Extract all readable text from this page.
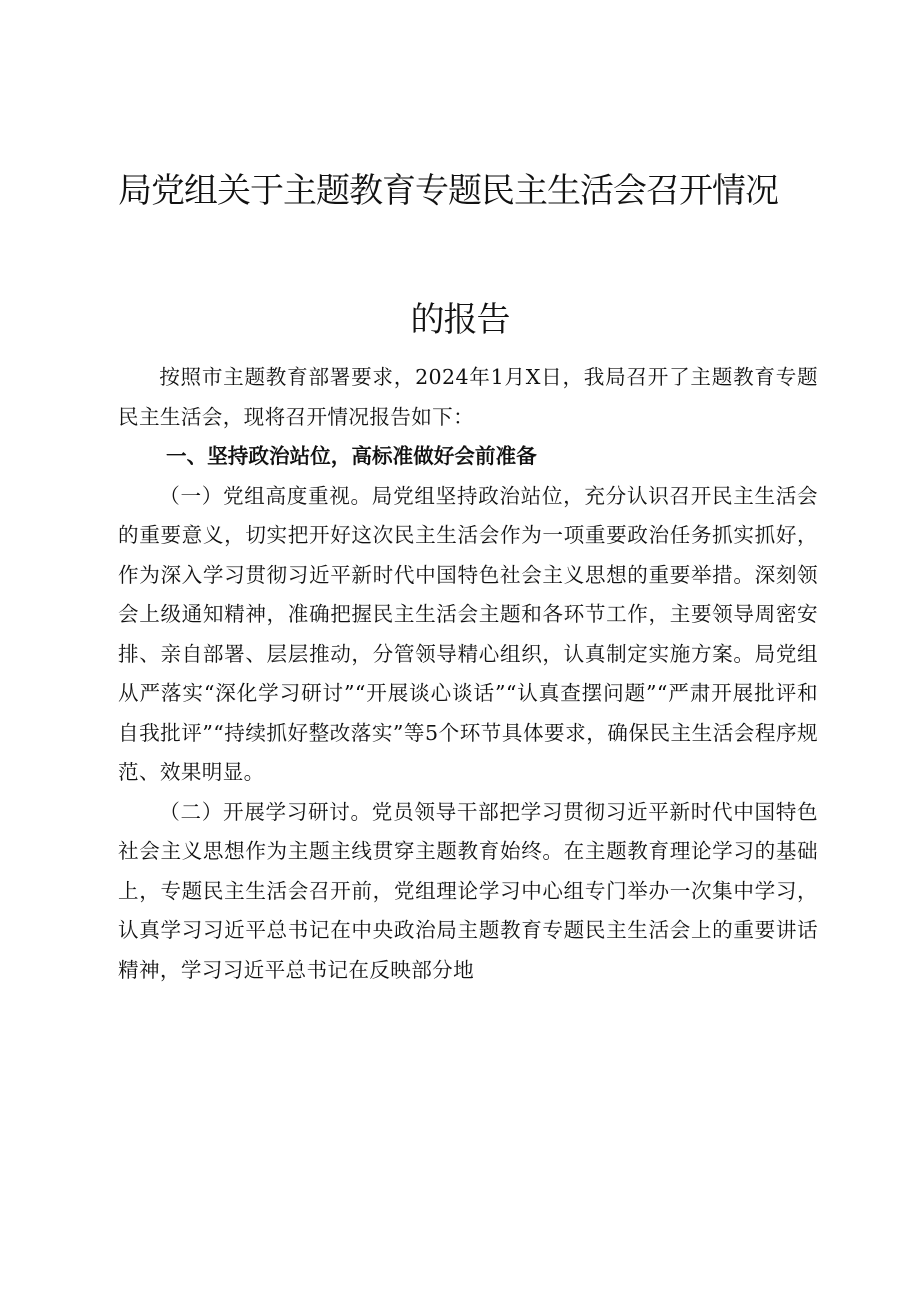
局党组关于主题教育专题民主生活会召开情况
的报告

按照市主题教育部署要求，2024年1月X日，我局召开了主题教育专题民主生活会，现将召开情况报告如下：

一、坚持政治站位，高标准做好会前准备

（一）党组高度重视。局党组坚持政治站位，充分认识召开民主生活会的重要意义，切实把开好这次民主生活会作为一项重要政治任务抓实抓好，作为深入学习贯彻习近平新时代中国特色社会主义思想的重要举措。深刻领会上级通知精神，准确把握民主生活会主题和各环节工作，主要领导周密安排、亲自部署、层层推动，分管领导精心组织，认真制定实施方案。局党组从严落实“深化学习研讨”“开展谈心谈话”“认真查摆问题”“严肃开展批评和自我批评”“持续抓好整改落实”等5个环节具体要求，确保民主生活会程序规范、效果明显。

（二）开展学习研讨。党员领导干部把学习贯彻习近平新时代中国特色社会主义思想作为主题主线贯穿主题教育始终。在主题教育理论学习的基础上，专题民主生活会召开前，党组理论学习中心组专门举办一次集中学习，认真学习习近平总书记在中央政治局主题教育专题民主生活会上的重要讲话精神，学习习近平总书记在反映部分地
